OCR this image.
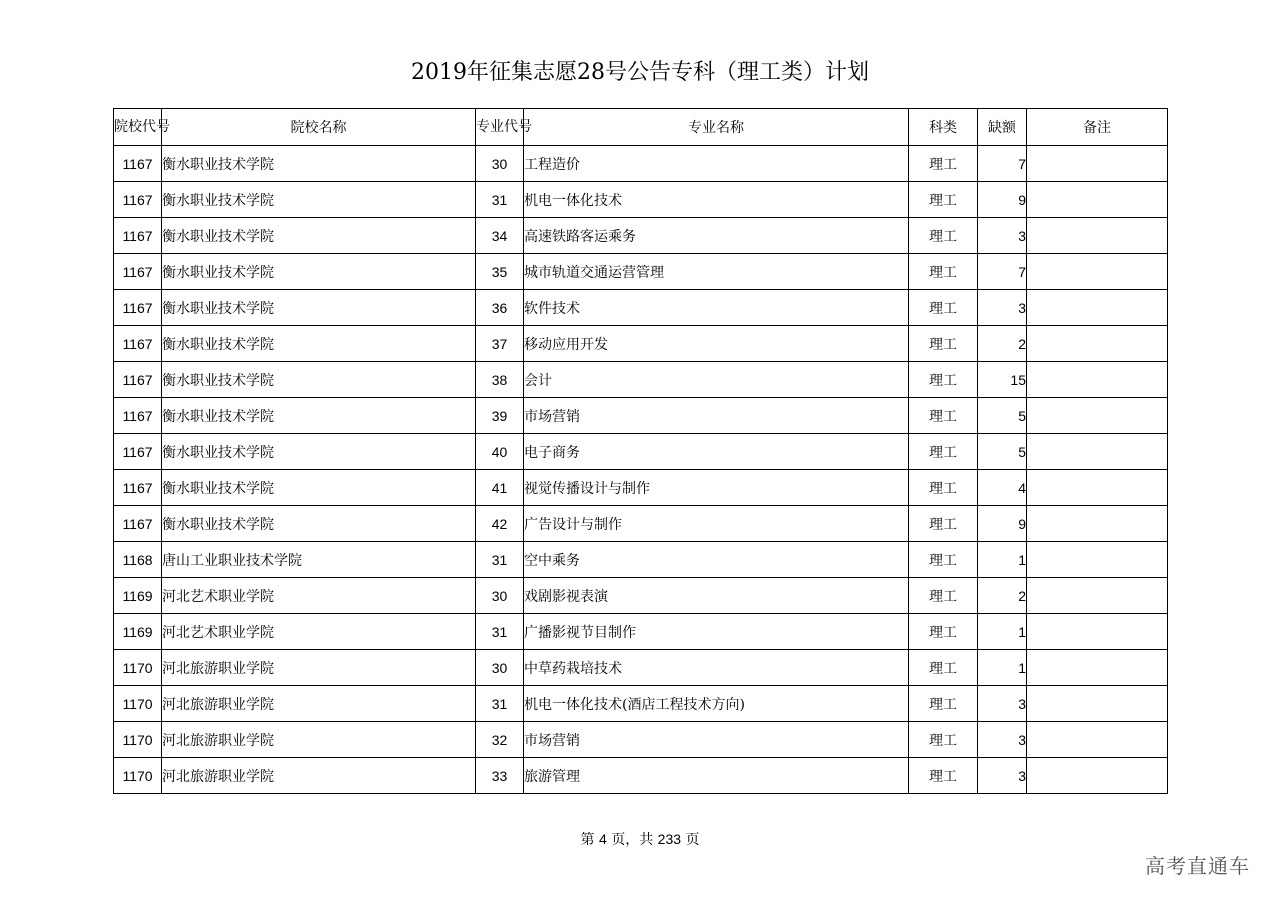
2019年征集志愿28号公告专科（理工类）计划
院校代号	院校名称	专业代号	专业名称	科类	缺额	备注
1167	衡水职业技术学院	30	工程造价	理工	7	
1167	衡水职业技术学院	31	机电一体化技术	理工	9	
1167	衡水职业技术学院	34	高速铁路客运乘务	理工	3	
1167	衡水职业技术学院	35	城市轨道交通运营管理	理工	7	
1167	衡水职业技术学院	36	软件技术	理工	3	
1167	衡水职业技术学院	37	移动应用开发	理工	2	
1167	衡水职业技术学院	38	会计	理工	15	
1167	衡水职业技术学院	39	市场营销	理工	5	
1167	衡水职业技术学院	40	电子商务	理工	5	
1167	衡水职业技术学院	41	视觉传播设计与制作	理工	4	
1167	衡水职业技术学院	42	广告设计与制作	理工	9	
1168	唐山工业职业技术学院	31	空中乘务	理工	1	
1169	河北艺术职业学院	30	戏剧影视表演	理工	2	
1169	河北艺术职业学院	31	广播影视节目制作	理工	1	
1170	河北旅游职业学院	30	中草药栽培技术	理工	1	
1170	河北旅游职业学院	31	机电一体化技术(酒店工程技术方向)	理工	3	
1170	河北旅游职业学院	32	市场营销	理工	3	
1170	河北旅游职业学院	33	旅游管理	理工	3	
第 4 页，共 233 页
高考直通车
